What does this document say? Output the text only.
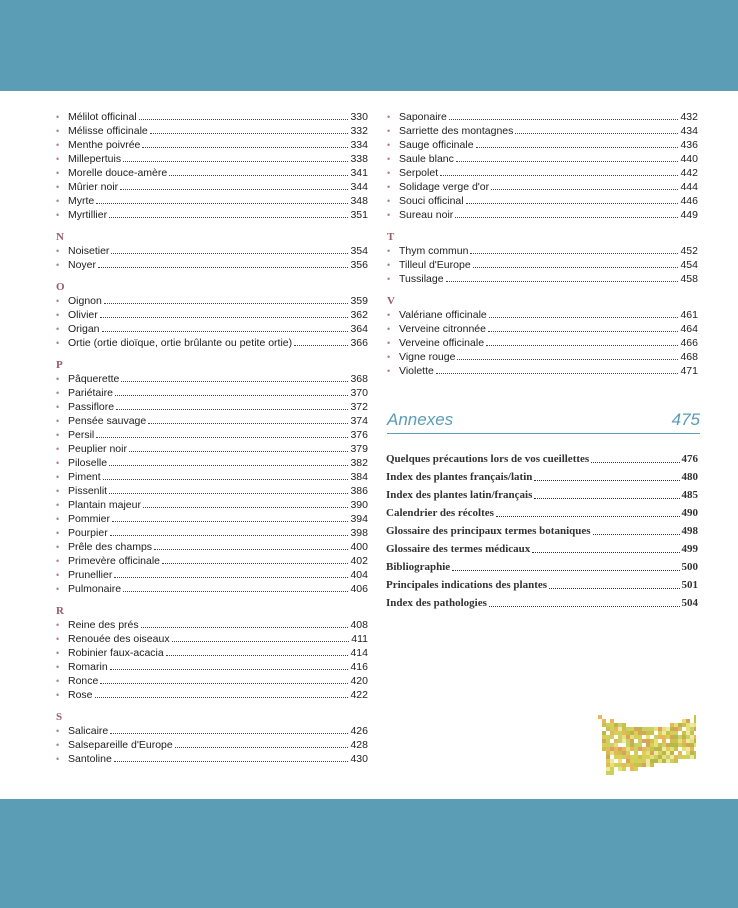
• Mélilot officinal	330
• Mélisse officinale	332
• Menthe poivrée	334
• Millepertuis	338
• Morelle douce-amère	341
• Mûrier noir	344
• Myrte	348
• Myrtillier	351
N
• Noisetier	354
• Noyer	356
O
• Oignon	359
• Olivier	362
• Origan	364
• Ortie (ortie dioïque, ortie brûlante ou petite ortie)	366
P
• Pâquerette	368
• Pariétaire	370
• Passiflore	372
• Pensée sauvage	374
• Persil	376
• Peuplier noir	379
• Piloselle	382
• Piment	384
• Pissenlit	386
• Plantain majeur	390
• Pommier	394
• Pourpier	398
• Prêle des champs	400
• Primevère officinale	402
• Prunellier	404
• Pulmonaire	406
R
• Reine des prés	408
• Renouée des oiseaux	411
• Robinier faux-acacia	414
• Romarin	416
• Ronce	420
• Rose	422
S
• Salicaire	426
• Salsepareille d'Europe	428
• Santoline	430
• Saponaire	432
• Sarriette des montagnes	434
• Sauge officinale	436
• Saule blanc	440
• Serpolet	442
• Solidage verge d'or	444
• Souci officinal	446
• Sureau noir	449
T
• Thym commun	452
• Tilleul d'Europe	454
• Tussilage	458
V
• Valériane officinale	461
• Verveine citronnée	464
• Verveine officinale	466
• Vigne rouge	468
• Violette	471
Annexes	475
Quelques précautions lors de vos cueillettes	476
Index des plantes français/latin	480
Index des plantes latin/français	485
Calendrier des récoltes	490
Glossaire des principaux termes botaniques	498
Glossaire des termes médicaux	499
Bibliographie	500
Principales indications des plantes	501
Index des pathologies	504
